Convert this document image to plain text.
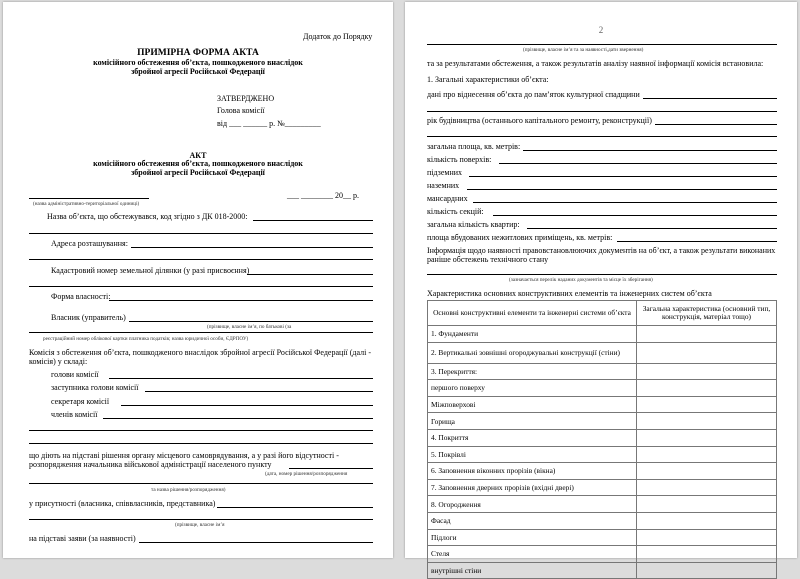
Додаток до Порядку
ПРИМІРНА ФОРМА АКТА
комісійного обстеження об’єкта, пошкодженого внаслідок
збройної агресії Російської Федерації
ЗАТВЕРДЖЕНО
Голова комісії
від ___ ______ р. №_________
АКТ
комісійного обстеження об’єкта, пошкодженого внаслідок
збройної агресії Російської Федерації
___ ________ 20__ р.
(назва адміністративно-територіальної одиниці)
Назва об’єкта, що обстежувався, код згідно з ДК 018-2000:
Адреса розташування:
Кадастровий номер земельної ділянки (у разі присвоєння)
Форма власності:
Власник (управитель)
(прізвище, власне ім’я, по батькові (за
реєстраційний номер облікової картки платника податків; назва юридичної особи, ЄДРПОУ)
Комісія з обстеження об’єкта, пошкодженого внаслідок збройної агресії Російської Федерації (далі - комісія) у складі:
голови комісії
заступника голови комісії
секретаря комісії
членів комісії
що діють на підставі рішення органу місцевого самоврядування, а у разі його відсутності -
розпорядження начальника військової адміністрації населеного пункту
(дата, номер рішення/розпорядження
та назва рішення/розпорядження)
у присутності (власника, співвласників, представника)
(прізвище, власне ім’я
на підставі заяви (за наявності)
2
(прізвище, власне ім’я та за наявності,дати звернення)
та за результатами обстеження, а також результатів аналізу наявної інформації комісія встановила:
1. Загальні характеристики об’єкта:
дані про віднесення об’єкта до пам’яток культурної спадщини
рік будівництва (останнього капітального ремонту, реконструкції)
загальна площа, кв. метрів:
кількість поверхів:
підземних
наземних
мансардних
кількість секцій:
загальна кількість квартир:
площа вбудованих нежитлових приміщень, кв. метрів:
Інформація щодо наявності правовстановлюючих документів на об’єкт, а також результати виконаних
раніше обстежень технічного стану
(зазначається перелік наданих документів та місце їх зберігання)
Характеристика основних конструктивних елементів та інженерних систем об’єкта
Основні конструктивні елементи та інженерні системи об’єкта	Загальна характеристика (основний тип, конструкція, матеріал тощо)
1. Фундаменти	
2. Вертикальні зовнішні огороджувальні конструкції (стіни)	
3. Перекриття:	
першого поверху	
Міжповерхові	
Горища	
4. Покриття	
5. Покрівлі	
6. Заповнення віконних прорізів (вікна)	
7. Заповнення дверних прорізів (вхідні двері)	
8. Огородження	
Фасад	
Підлоги	
Стеля	
внутрішні стіни	
